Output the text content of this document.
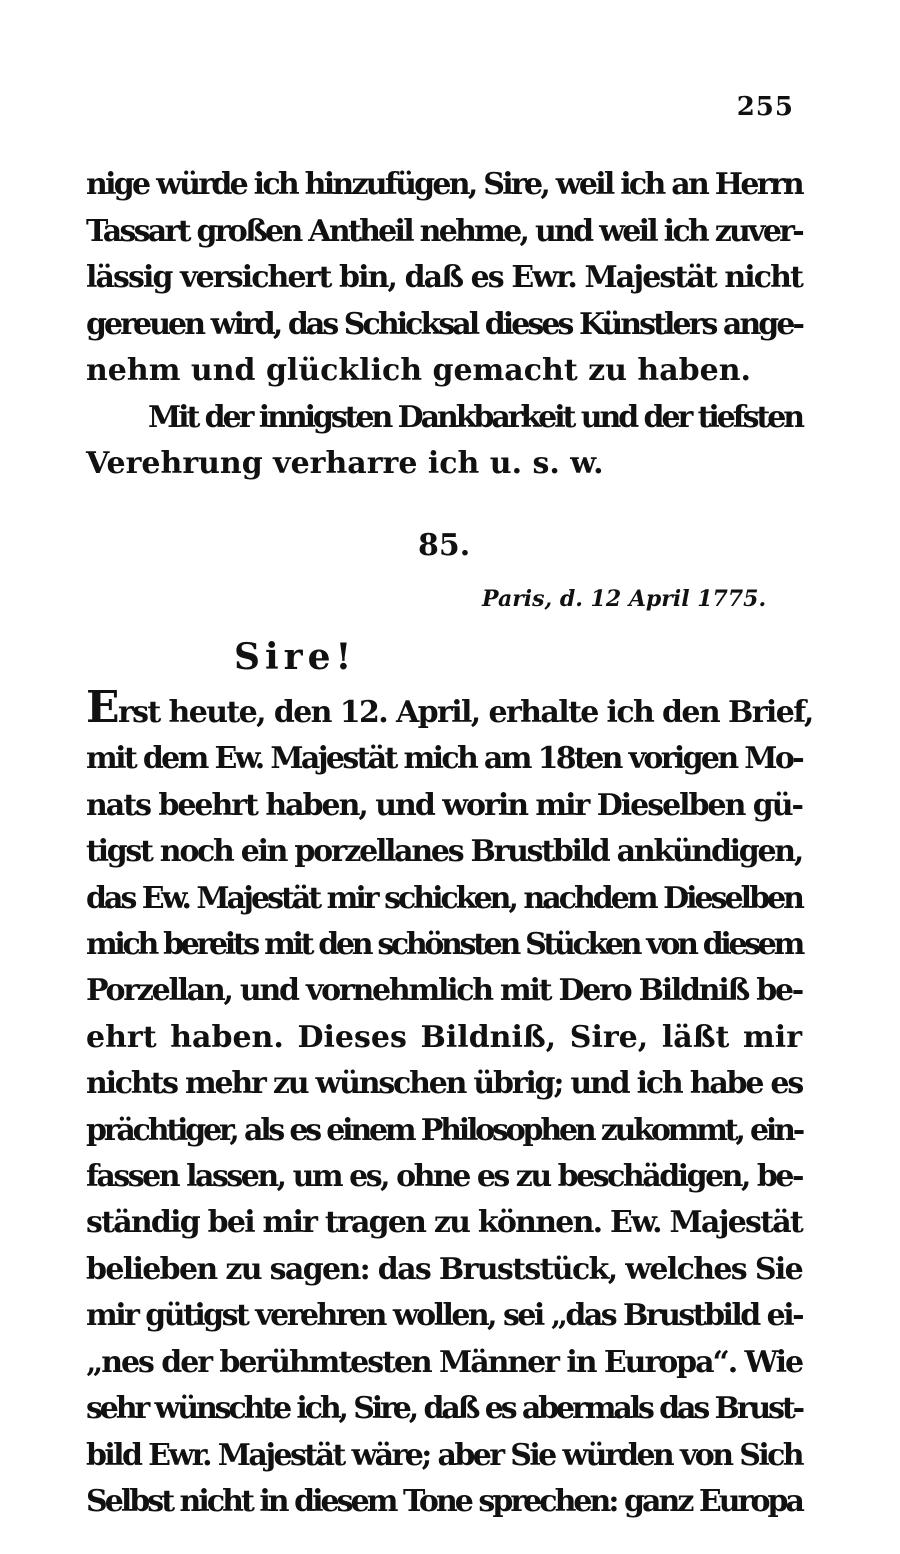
255
nige würde ich hinzufügen, Sire, weil ich an Herrn
Tassart großen Antheil nehme, und weil ich zuver-
lässig versichert bin, daß es Ewr. Majestät nicht
gereuen wird, das Schicksal dieses Künstlers ange-
nehm und glücklich gemacht zu haben.
Mit der innigsten Dankbarkeit und der tiefsten
Verehrung verharre ich u. s. w.
85.
Paris, d. 12 April 1775.
Sire!
Erst heute, den 12. April, erhalte ich den Brief,
mit dem Ew. Majestät mich am 18ten vorigen Mo-
nats beehrt haben, und worin mir Dieselben gü-
tigst noch ein porzellanes Brustbild ankündigen,
das Ew. Majestät mir schicken, nachdem Dieselben
mich bereits mit den schönsten Stücken von diesem
Porzellan, und vornehmlich mit Dero Bildniß be-
ehrt haben. Dieses Bildniß, Sire, läßt mir
nichts mehr zu wünschen übrig; und ich habe es
prächtiger, als es einem Philosophen zukommt, ein-
fassen lassen, um es, ohne es zu beschädigen, be-
ständig bei mir tragen zu können. Ew. Majestät
belieben zu sagen: das Bruststück, welches Sie
mir gütigst verehren wollen, sei „das Brustbild ei-
„nes der berühmtesten Männer in Europa“. Wie
sehr wünschte ich, Sire, daß es abermals das Brust-
bild Ewr. Majestät wäre; aber Sie würden von Sich
Selbst nicht in diesem Tone sprechen: ganz Europa
